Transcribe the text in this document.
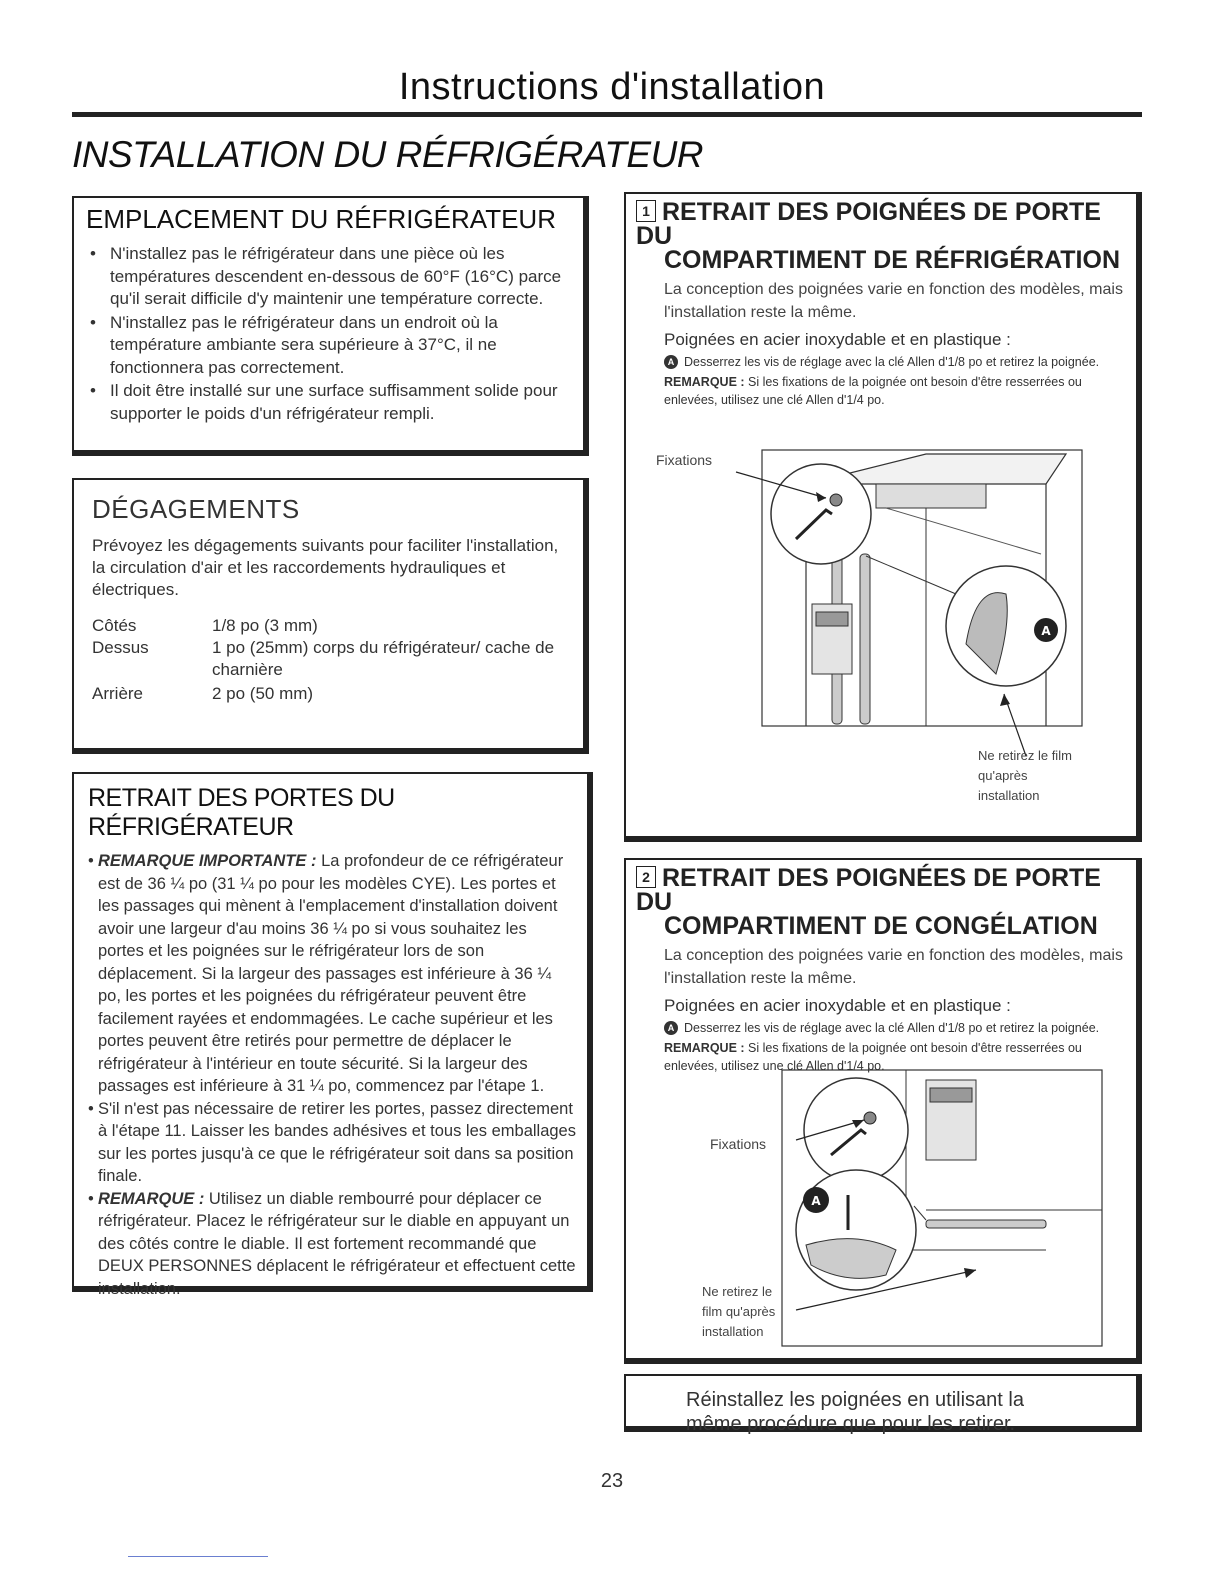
Instructions d'installation
INSTALLATION DU RÉFRIGÉRATEUR
EMPLACEMENT DU RÉFRIGÉRATEUR
• N'installez pas le réfrigérateur dans une pièce où les températures descendent en-dessous de 60°F (16°C) parce qu'il serait difficile d'y maintenir une température correcte.
• N'installez pas le réfrigérateur dans un endroit où la température ambiante sera supérieure à 37°C, il ne fonctionnera pas correctement.
• Il doit être installé sur une surface suffisamment solide pour supporter le poids d'un réfrigérateur rempli.
DÉGAGEMENTS

Prévoyez les dégagements suivants pour faciliter l'installation, la circulation d'air et les raccordements hydrauliques et électriques.

Côtés	1/8 po (3 mm)
Dessus	1 po (25mm) corps du réfrigérateur/ cache de charnière
Arrière	2 po (50 mm)
RETRAIT DES PORTES DU RÉFRIGÉRATEUR
• REMARQUE IMPORTANTE : La profondeur de ce réfrigérateur est de 36 ¼ po (31 ¼ po pour les modèles CYE). Les portes et les passages qui mènent à l'emplacement d'installation doivent avoir une largeur d'au moins 36 ¼ po si vous souhaitez les portes et les poignées sur le réfrigérateur lors de son déplacement. Si la largeur des passages est inférieure à 36 ¼ po, les portes et les poignées du réfrigérateur peuvent être facilement rayées et endommagées. Le cache supérieur et les portes peuvent être retirés pour permettre de déplacer le réfrigérateur à l'intérieur en toute sécurité. Si la largeur des passages est inférieure à 31 ¼ po, commencez par l'étape 1.
• S'il n'est pas nécessaire de retirer les portes, passez directement à l'étape 11. Laisser les bandes adhésives et tous les emballages sur les portes jusqu'à ce que le réfrigérateur soit dans sa position finale.
• REMARQUE : Utilisez un diable rembourré pour déplacer ce réfrigérateur. Placez le réfrigérateur sur le diable en appuyant un des côtés contre le diable. Il est fortement recommandé que DEUX PERSONNES déplacent le réfrigérateur et effectuent cette installation.
1 RETRAIT DES POIGNÉES DE PORTE DU
COMPARTIMENT DE RÉFRIGÉRATION

La conception des poignées varie en fonction des modèles, mais l'installation reste la même.

Poignées en acier inoxydable et en plastique :

A Desserrez les vis de réglage avec la clé Allen d'1/8 po et retirez la poignée.

REMARQUE : Si les fixations de la poignée ont besoin d'être resserrées ou enlevées, utilisez une clé Allen d'1/4 po.

A
Fixations
Ne retirez le film qu'après installation
2 RETRAIT DES POIGNÉES DE PORTE DU
COMPARTIMENT DE CONGÉLATION

La conception des poignées varie en fonction des modèles, mais l'installation reste la même.

Poignées en acier inoxydable et en plastique :

A Desserrez les vis de réglage avec la clé Allen d'1/8 po et retirez la poignée.

REMARQUE : Si les fixations de la poignée ont besoin d'être resserrées ou enlevées, utilisez une clé Allen d'1/4 po.

A
Fixations
Ne retirez le film qu'après installation
Réinstallez les poignées en utilisant la même procédure que pour les retirer.
23
